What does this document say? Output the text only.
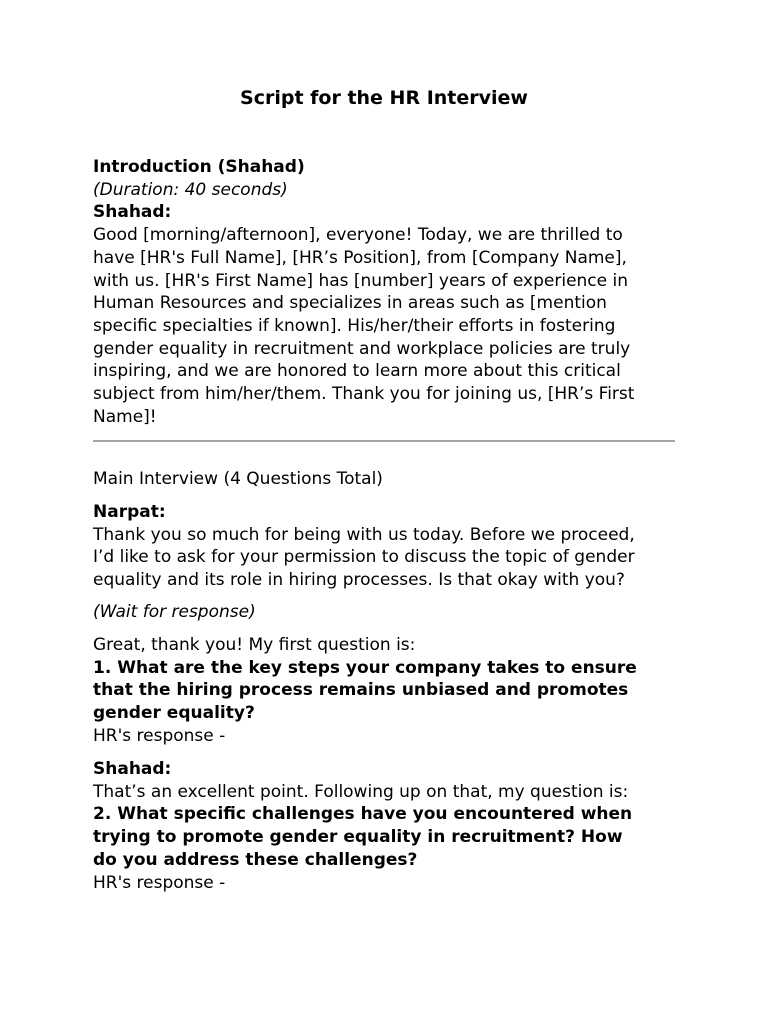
Script for the HR Interview
Introduction (Shahad)
(Duration: 40 seconds)
Shahad:
Good [morning/afternoon], everyone! Today, we are thrilled to
have [HR's Full Name], [HR’s Position], from [Company Name],
with us. [HR's First Name] has [number] years of experience in
Human Resources and specializes in areas such as [mention
specific specialties if known]. His/her/their efforts in fostering
gender equality in recruitment and workplace policies are truly
inspiring, and we are honored to learn more about this critical
subject from him/her/them. Thank you for joining us, [HR’s First
Name]!
Main Interview (4 Questions Total)
Narpat:
Thank you so much for being with us today. Before we proceed,
I’d like to ask for your permission to discuss the topic of gender
equality and its role in hiring processes. Is that okay with you?
(Wait for response)
Great, thank you! My first question is:
1. What are the key steps your company takes to ensure
that the hiring process remains unbiased and promotes
gender equality?
HR's response -
Shahad:
That’s an excellent point. Following up on that, my question is:
2. What specific challenges have you encountered when
trying to promote gender equality in recruitment? How
do you address these challenges?
HR's response -
